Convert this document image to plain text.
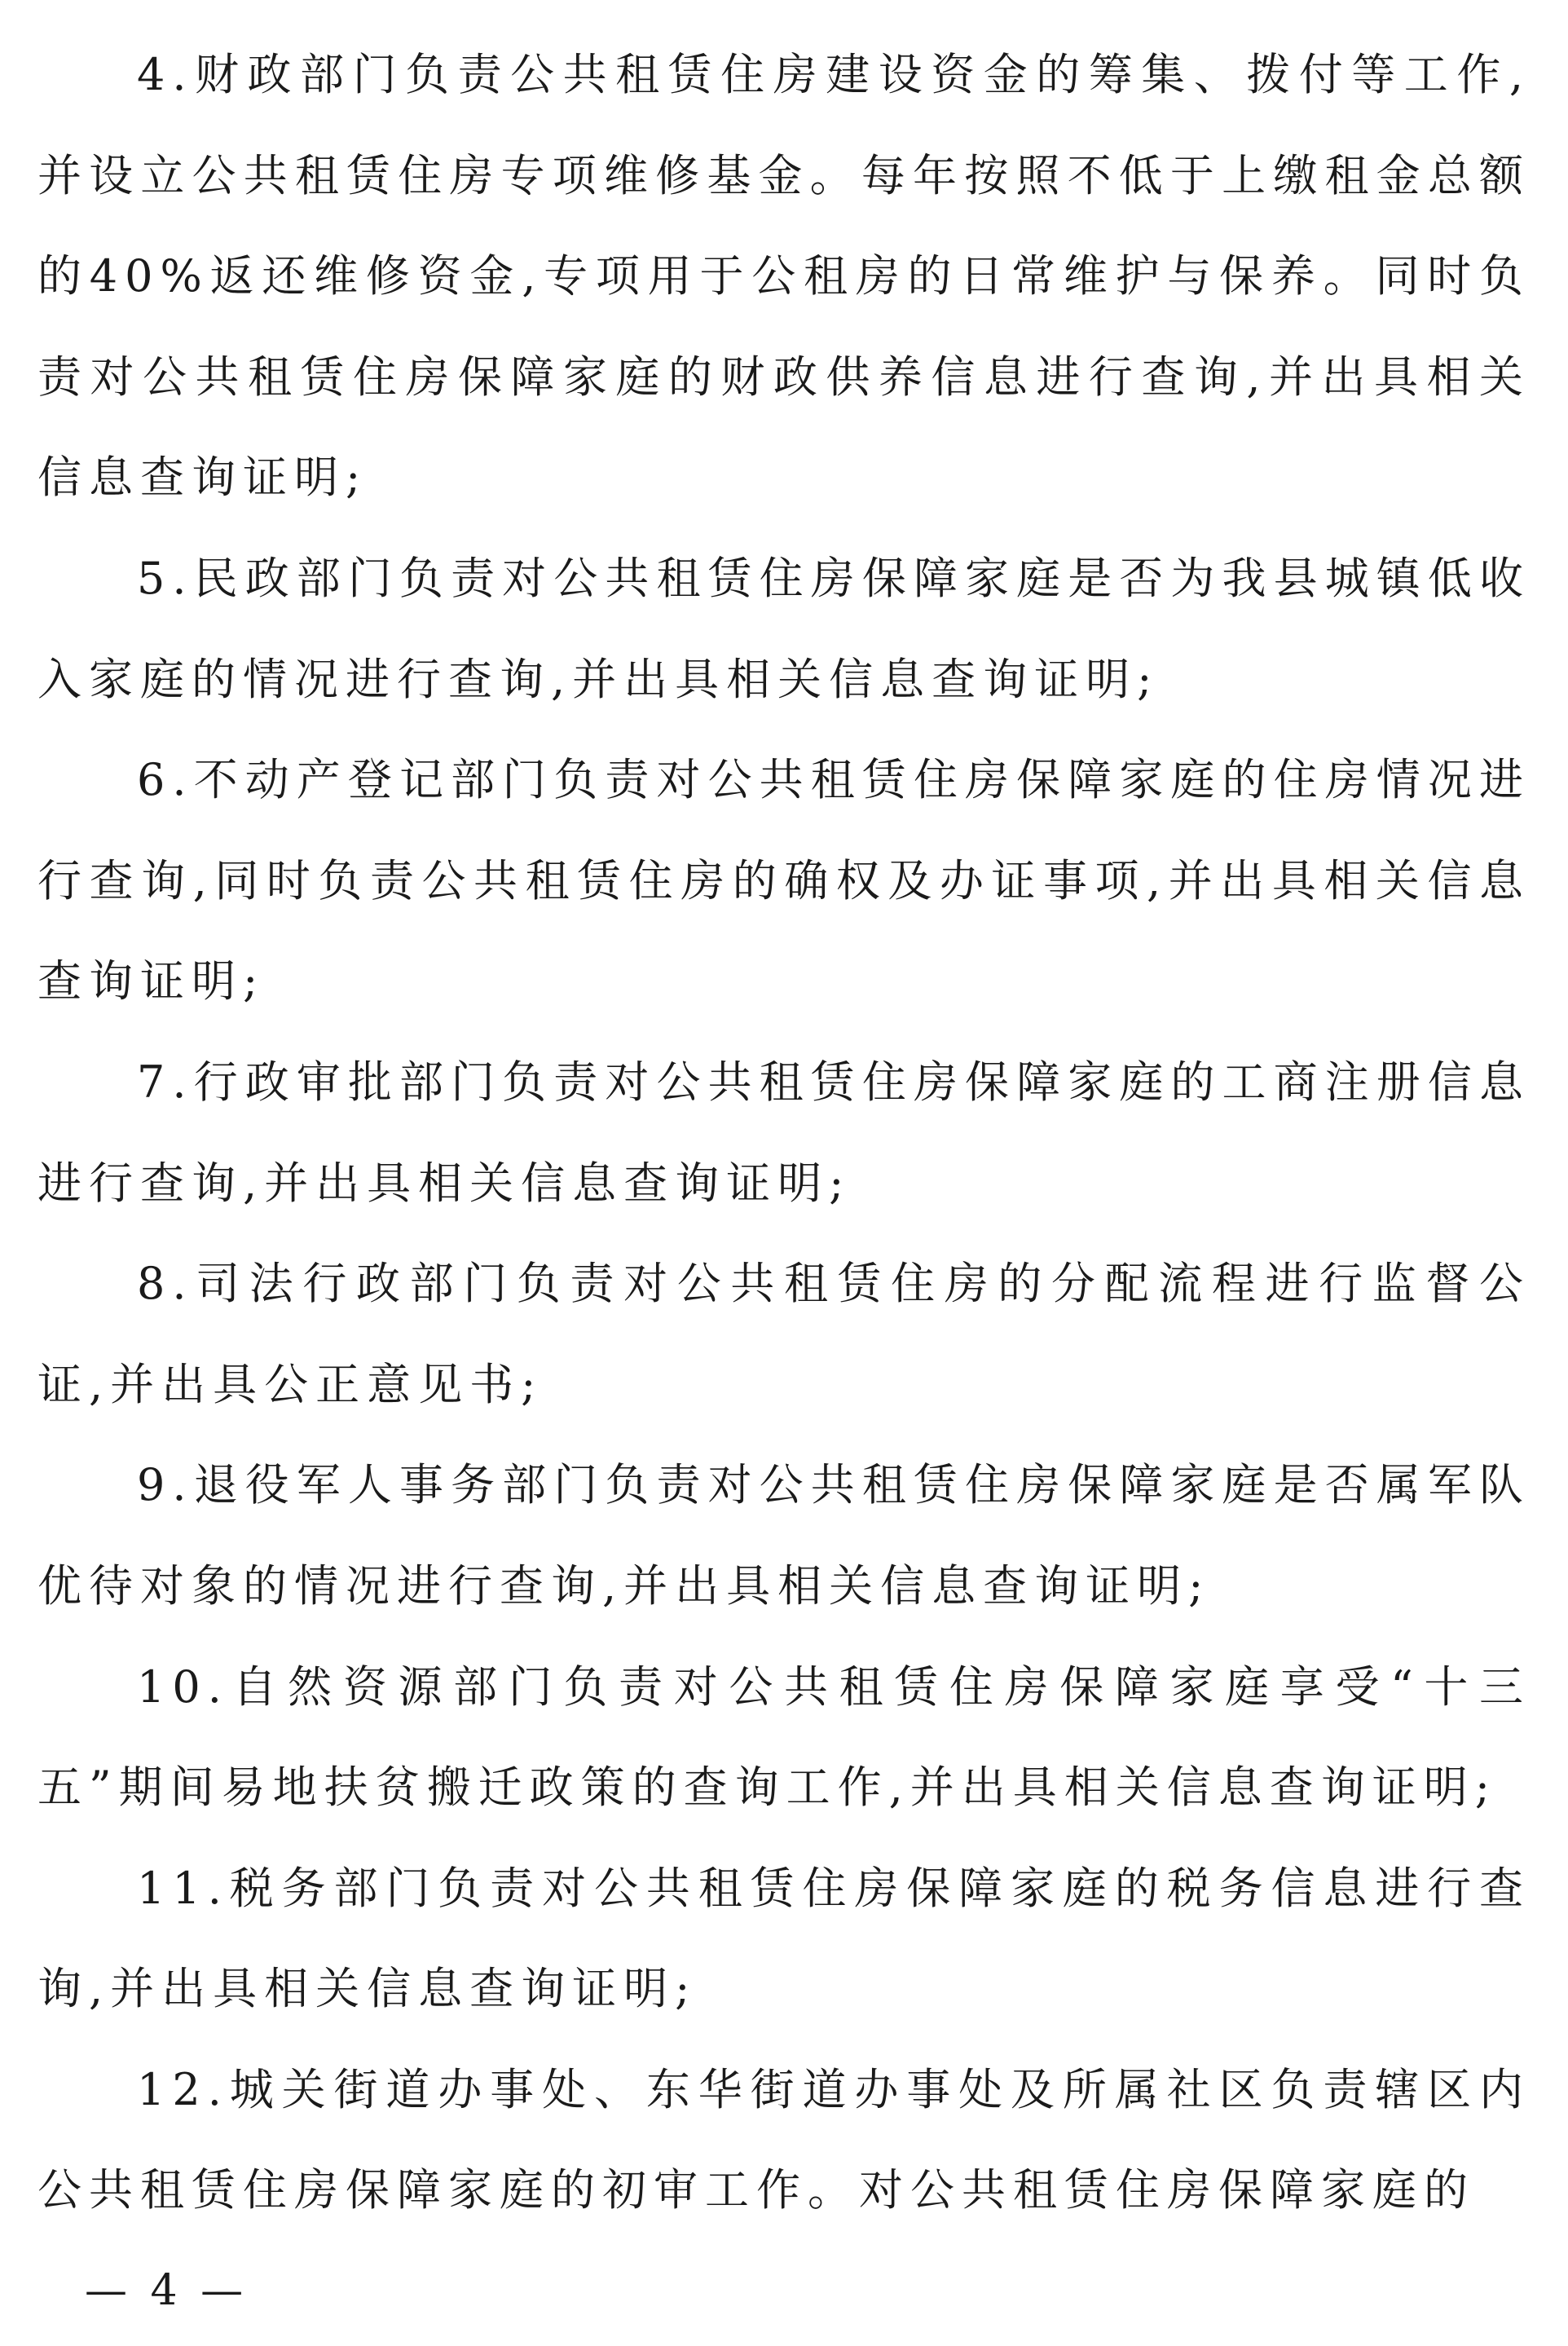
4.财政部门负责公共租赁住房建设资金的筹集、拨付等工作,并设立公共租赁住房专项维修基金。每年按照不低于上缴租金总额的40%返还维修资金,专项用于公租房的日常维护与保养。同时负责对公共租赁住房保障家庭的财政供养信息进行查询,并出具相关信息查询证明;

5.民政部门负责对公共租赁住房保障家庭是否为我县城镇低收入家庭的情况进行查询,并出具相关信息查询证明;

6.不动产登记部门负责对公共租赁住房保障家庭的住房情况进行查询,同时负责公共租赁住房的确权及办证事项,并出具相关信息查询证明;

7.行政审批部门负责对公共租赁住房保障家庭的工商注册信息进行查询,并出具相关信息查询证明;

8.司法行政部门负责对公共租赁住房的分配流程进行监督公证,并出具公正意见书;

9.退役军人事务部门负责对公共租赁住房保障家庭是否属军队优待对象的情况进行查询,并出具相关信息查询证明;

10.自然资源部门负责对公共租赁住房保障家庭享受“十三五”期间易地扶贫搬迁政策的查询工作,并出具相关信息查询证明;

11.税务部门负责对公共租赁住房保障家庭的税务信息进行查询,并出具相关信息查询证明;

12.城关街道办事处、东华街道办事处及所属社区负责辖区内公共租赁住房保障家庭的初审工作。对公共租赁住房保障家庭的

— 4 —
